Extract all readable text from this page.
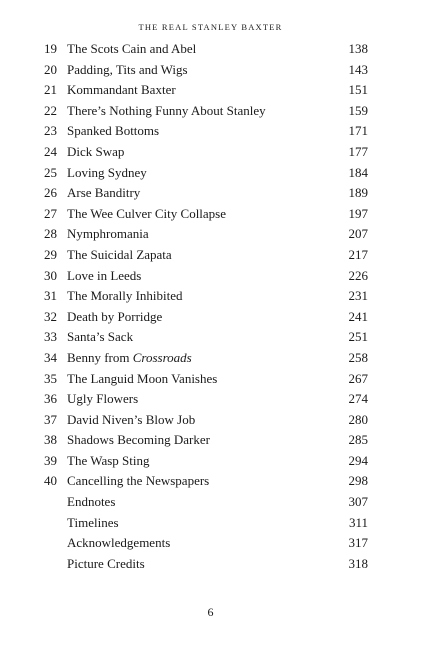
THE REAL STANLEY BAXTER
19 The Scots Cain and Abel	138
20 Padding, Tits and Wigs	143
21 Kommandant Baxter	151
22 There’s Nothing Funny About Stanley	159
23 Spanked Bottoms	171
24 Dick Swap	177
25 Loving Sydney	184
26 Arse Banditry	189
27 The Wee Culver City Collapse	197
28 Nymphromania	207
29 The Suicidal Zapata	217
30 Love in Leeds	226
31 The Morally Inhibited	231
32 Death by Porridge	241
33 Santa’s Sack	251
34 Benny from Crossroads	258
35 The Languid Moon Vanishes	267
36 Ugly Flowers	274
37 David Niven’s Blow Job	280
38 Shadows Becoming Darker	285
39 The Wasp Sting	294
40 Cancelling the Newspapers	298
Endnotes	307
Timelines	311
Acknowledgements	317
Picture Credits	318
6
